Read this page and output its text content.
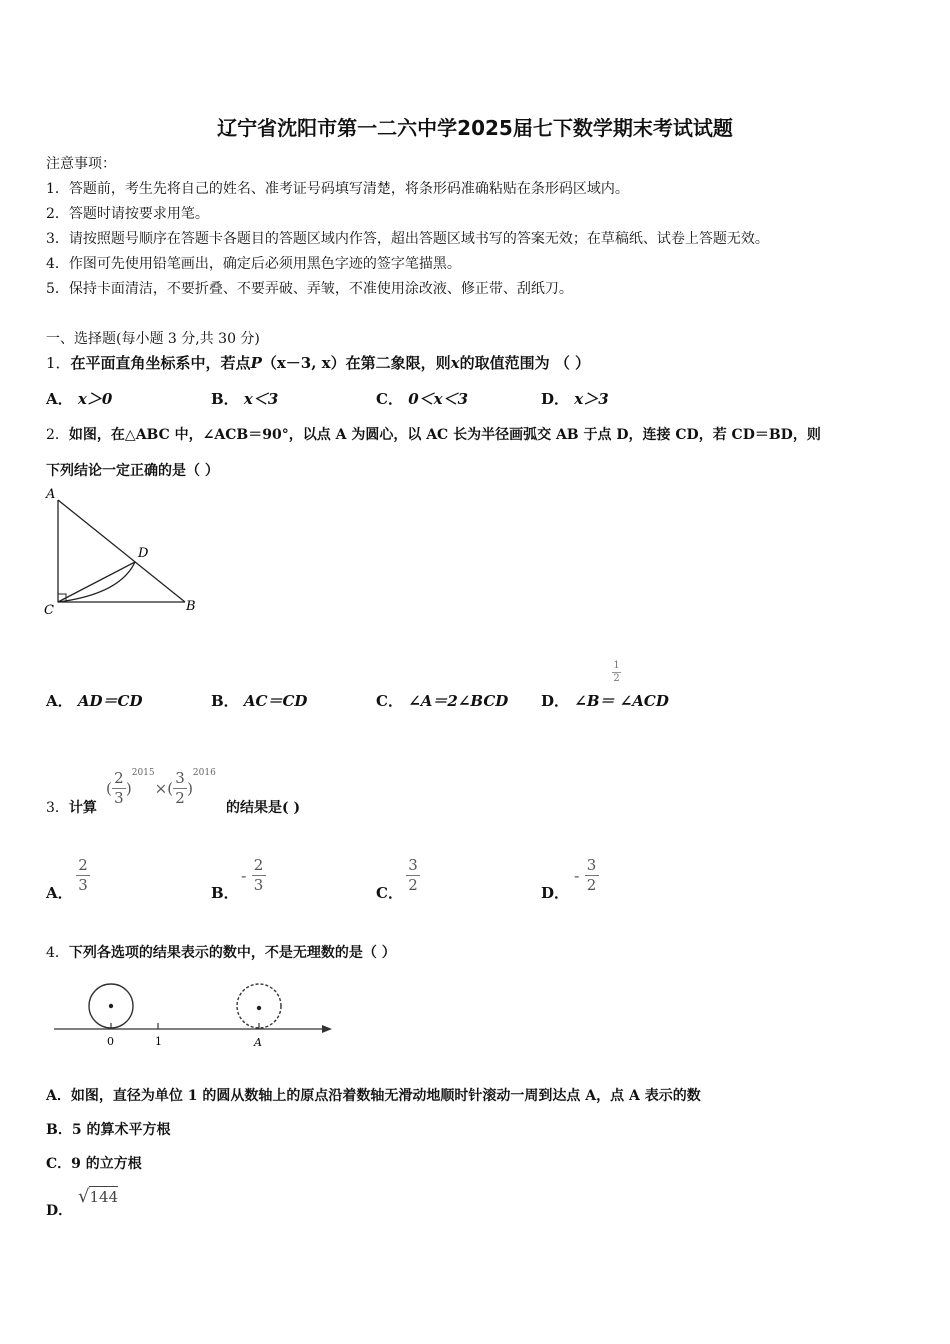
辽宁省沈阳市第一二六中学2025届七下数学期末考试试题
注意事项：
1．答题前，考生先将自己的姓名、准考证号码填写清楚，将条形码准确粘贴在条形码区域内。
2．答题时请按要求用笔。
3．请按照题号顺序在答题卡各题目的答题区域内作答，超出答题区域书写的答案无效；在草稿纸、试卷上答题无效。
4．作图可先使用铅笔画出，确定后必须用黑色字迹的签字笔描黑。
5．保持卡面清洁，不要折叠、不要弄破、弄皱，不准使用涂改液、修正带、刮纸刀。
一、选择题(每小题 3 分,共 30 分)
1．在平面直角坐标系中，若点P（x－3, x）在第二象限，则x的取值范围为 （ ）
A． x＞0	B． x＜3	C． 0＜x＜3	D． x＞3
2．如图，在△ABC 中，∠ACB＝90°，以点 A 为圆心，以 AC 长为半径画弧交 AB 于点 D，连接 CD，若 CD＝BD，则
下列结论一定正确的是（ ）
A
D
C	B
A． AD＝CD	B． AC＝CD	C． ∠A＝2∠BCD D． ∠B＝ ∠ACD
1
2
3．计算
( $\frac{2}{3} )^{2015}\times( \frac{3}{2} )^{2016}$
的结果是( )
A． $\frac{2}{3}$	B．
- $\frac{2}{3}$	C． $\frac{3}{2}$	D．
- $\frac{3}{2}$
4．下列各选项的结果表示的数中，不是无理数的是（ ）
0	1	A
A．如图，直径为单位 1 的圆从数轴上的原点沿着数轴无滑动地顺时针滚动一周到达点 A，点 A 表示的数
B．5 的算术平方根
C．9 的立方根
D．
√144
